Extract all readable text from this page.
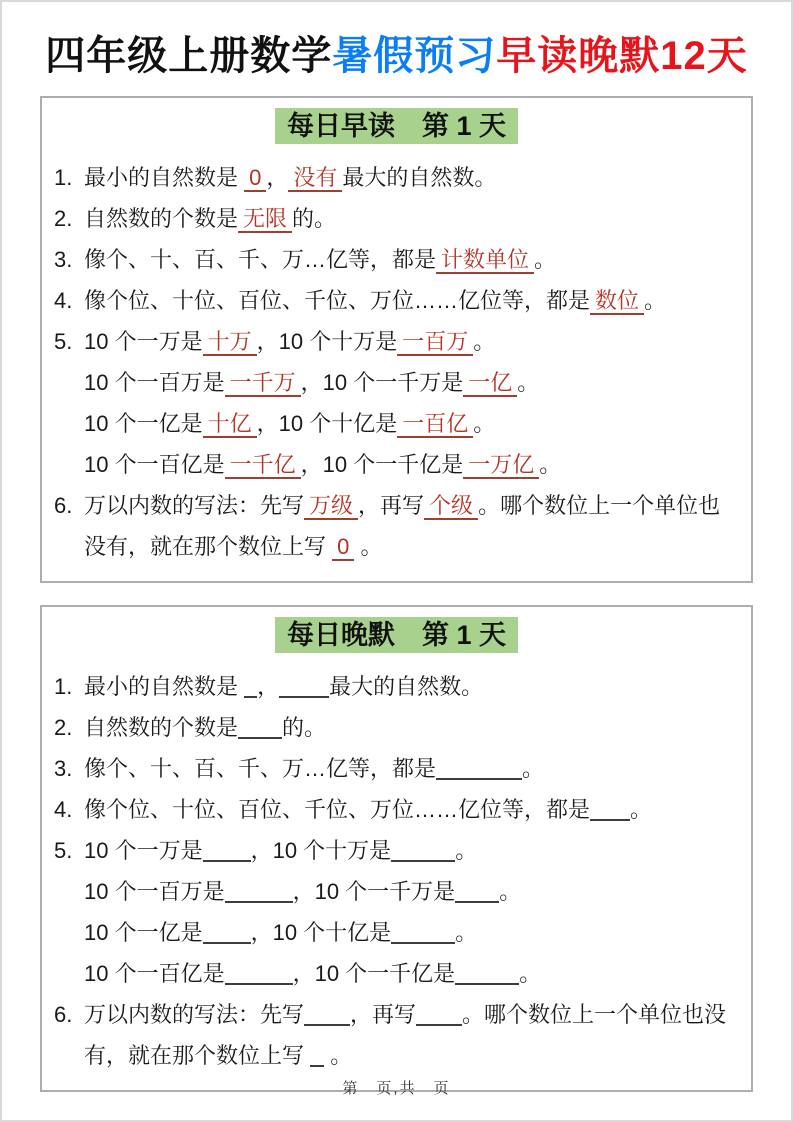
四年级上册数学暑假预习早读晚默12天
每日早读　第 1 天
1. 最小的自然数是 0 ， 没有 最大的自然数。
2. 自然数的个数是 无限 的。
3. 像个、十、百、千、万…亿等，都是 计数单位 。
4. 像个位、十位、百位、千位、万位……亿位等，都是 数位 。
5. 10 个一万是 十万 ，10 个十万是 一百万 。
10 个一百万是 一千万 ，10 个一千万是 一亿 。
10 个一亿是 十亿 ，10 个十亿是 一百亿 。
10 个一百亿是 一千亿 ，10 个一千亿是 一万亿 。
6. 万以内数的写法：先写 万级 ，再写 个级 。哪个数位上一个单位也没有，就在那个数位上写 0 。
每日晚默　第 1 天
1. 最小的自然数是 ， 最大的自然数。
2. 自然数的个数是 的。
3. 像个、十、百、千、万…亿等，都是	。
4. 像个位、十位、百位、千位、万位……亿位等，都是 。
5. 10 个一万是 ，10 个十万是	。
10 个一百万是	，10 个一千万是 。
10 个一亿是 ，10 个十亿是	。
10 个一百亿是	，10 个一千亿是	。
6. 万以内数的写法：先写 ，再写 。哪个数位上一个单位也没有，就在那个数位上写  。
第　页,共　页
